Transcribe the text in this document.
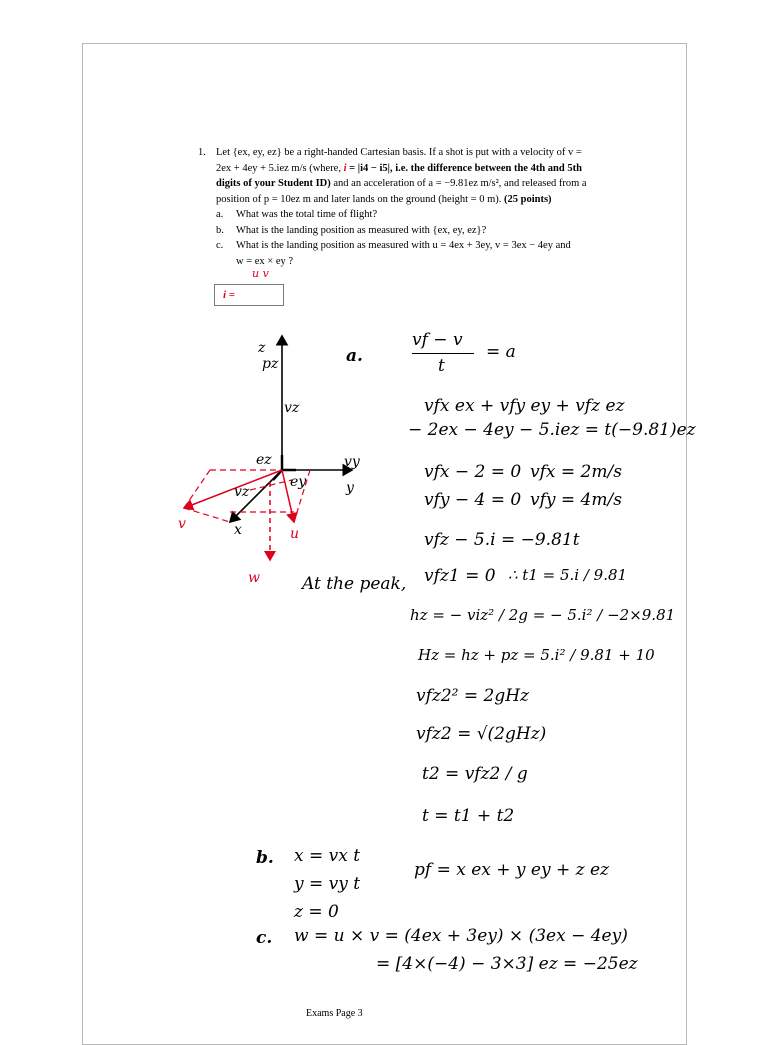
1. Let {ex, ey, ez} be a right-handed Cartesian basis. If a shot is put with a velocity of v =
2ex + 4ey + 5.iez m/s (where, i = |i4 − i5|, i.e. the difference between the 4th and 5th
digits of your Student ID) and an acceleration of a = −9.81ez m/s², and released from a
position of p = 10ez m and later lands on the ground (height = 0 m). (25 points)
a. What was the total time of flight?
b. What is the landing position as measured with {ex, ey, ez}?
c. What is the landing position as measured with u = 4ex + 3ey, v = 3ex − 4ey and
w = ex × ey ?
u v
i =
z
pz
vz
ez	vy
y
ey
vz
x
v
u
w
a.
vf − v
t
= a
vfx ex + vfy ey + vfz ez
− 2ex − 4ey − 5.iez = t(−9.81)ez
vfx − 2 = 0 vfx = 2m/s
vfy − 4 = 0 vfy = 4m/s
vfz − 5.i = −9.81t
At the peak, vfz1 = 0 ∴ t1 = 5.i / 9.81
hz = − viz² / 2g = − 5.i² / −2×9.81
Hz = hz + pz = 5.i² / 9.81 + 10
vfz2² = 2gHz
vfz2 = √(2gHz)
t2 = vfz2 / g
t = t1 + t2
b. x = vx t
y = vy t
z = 0
pf = x ex + y ey + z ez
c. w = u × v = (4ex + 3ey) × (3ex − 4ey)
= [4×(−4) − 3×3] ez = −25ez
Exams Page 3
